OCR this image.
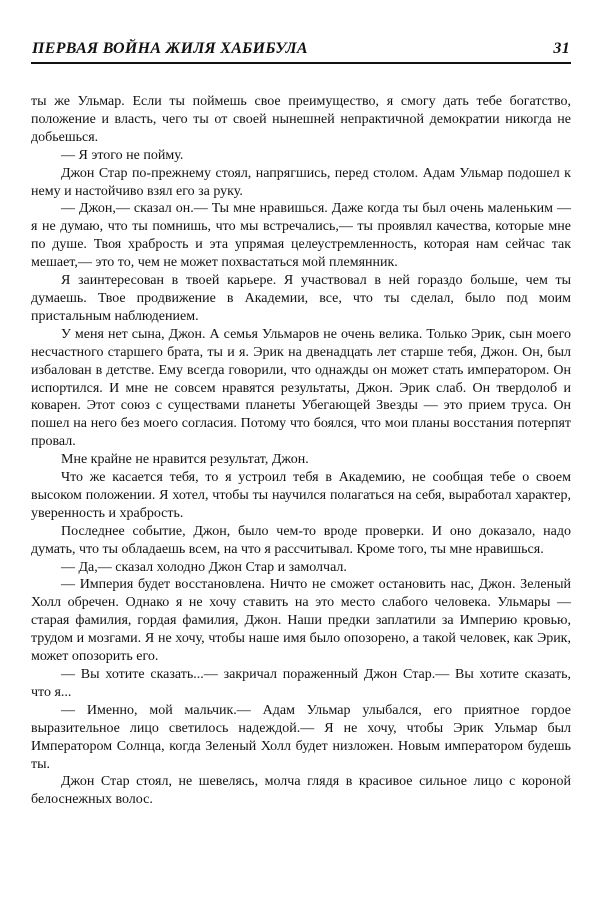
ПЕРВАЯ ВОЙНА ЖИЛЯ ХАБИБУЛА	31

ты же Ульмар. Если ты поймешь свое преимущество, я смогу дать тебе богатство, положение и власть, чего ты от своей нынешней непрактичной демократии никогда не добьешься.

— Я этого не пойму.

Джон Стар по-прежнему стоял, напрягшись, перед столом. Адам Ульмар подошел к нему и настойчиво взял его за руку.

— Джон,— сказал он.— Ты мне нравишься. Даже когда ты был очень маленьким — я не думаю, что ты помнишь, что мы встречались,— ты проявлял качества, которые мне по душе. Твоя храбрость и эта упрямая целеустремленность, которая нам сейчас так мешает,— это то, чем не может похвастаться мой племянник.

Я заинтересован в твоей карьере. Я участвовал в ней гораздо больше, чем ты думаешь. Твое продвижение в Академии, все, что ты сделал, было под моим пристальным наблюдением.

У меня нет сына, Джон. А семья Ульмаров не очень велика. Только Эрик, сын моего несчастного старшего брата, ты и я. Эрик на двенадцать лет старше тебя, Джон. Он, был избалован в детстве. Ему всегда говорили, что однажды он может стать императором. Он испортился. И мне не совсем нравятся результаты, Джон. Эрик слаб. Он твердолоб и коварен. Этот союз с существами планеты Убегающей Звезды — это прием труса. Он пошел на него без моего согласия. Потому что боялся, что мои планы восстания потерпят провал.

Мне крайне не нравится результат, Джон.

Что же касается тебя, то я устроил тебя в Академию, не сообщая тебе о своем высоком положении. Я хотел, чтобы ты научился полагаться на себя, выработал характер, уверенность и храбрость.

Последнее событие, Джон, было чем-то вроде проверки. И оно доказало, надо думать, что ты обладаешь всем, на что я рассчитывал. Кроме того, ты мне нравишься.

— Да,— сказал холодно Джон Стар и замолчал.

— Империя будет восстановлена. Ничто не сможет остановить нас, Джон. Зеленый Холл обречен. Однако я не хочу ставить на это место слабого человека. Ульмары — старая фамилия, гордая фамилия, Джон. Наши предки заплатили за Империю кровью, трудом и мозгами. Я не хочу, чтобы наше имя было опозорено, а такой человек, как Эрик, может опозорить его.

— Вы хотите сказать...— закричал пораженный Джон Стар.— Вы хотите сказать, что я...

— Именно, мой мальчик.— Адам Ульмар улыбался, его приятное гордое выразительное лицо светилось надеждой.— Я не хочу, чтобы Эрик Ульмар был Императором Солнца, когда Зеленый Холл будет низложен. Новым императором будешь ты.

Джон Стар стоял, не шевелясь, молча глядя в красивое сильное лицо с короной белоснежных волос.
